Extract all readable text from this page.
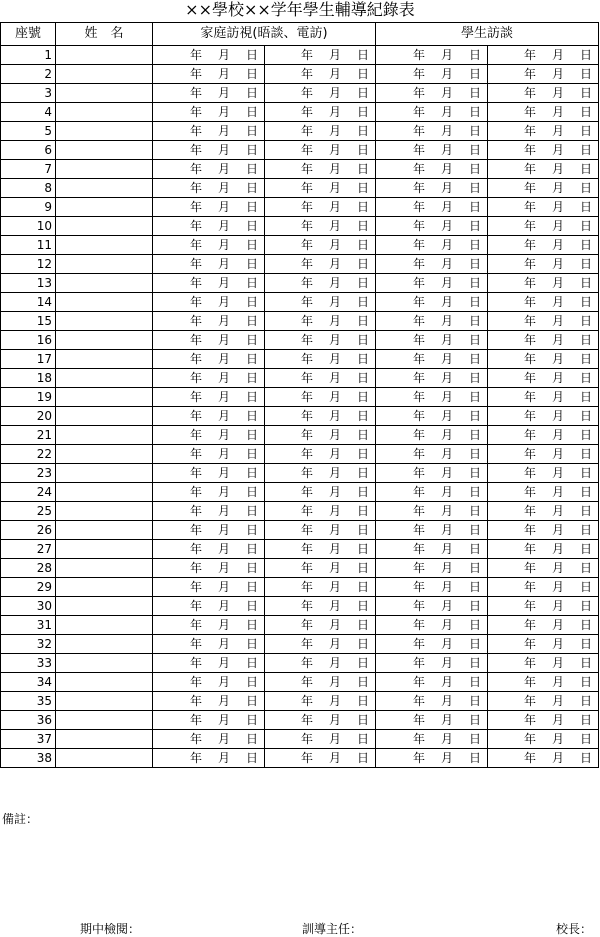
××學校××学年學生輔導紀錄表
座號	姓　名	家庭訪視(晤談、電訪)		學生訪談	
1		年 月 日	年 月 日	年 月 日	年 月 日
2		年 月 日	年 月 日	年 月 日	年 月 日
3		年 月 日	年 月 日	年 月 日	年 月 日
4		年 月 日	年 月 日	年 月 日	年 月 日
5		年 月 日	年 月 日	年 月 日	年 月 日
6		年 月 日	年 月 日	年 月 日	年 月 日
7		年 月 日	年 月 日	年 月 日	年 月 日
8		年 月 日	年 月 日	年 月 日	年 月 日
9		年 月 日	年 月 日	年 月 日	年 月 日
10		年 月 日	年 月 日	年 月 日	年 月 日
11		年 月 日	年 月 日	年 月 日	年 月 日
12		年 月 日	年 月 日	年 月 日	年 月 日
13		年 月 日	年 月 日	年 月 日	年 月 日
14		年 月 日	年 月 日	年 月 日	年 月 日
15		年 月 日	年 月 日	年 月 日	年 月 日
16		年 月 日	年 月 日	年 月 日	年 月 日
17		年 月 日	年 月 日	年 月 日	年 月 日
18		年 月 日	年 月 日	年 月 日	年 月 日
19		年 月 日	年 月 日	年 月 日	年 月 日
20		年 月 日	年 月 日	年 月 日	年 月 日
21		年 月 日	年 月 日	年 月 日	年 月 日
22		年 月 日	年 月 日	年 月 日	年 月 日
23		年 月 日	年 月 日	年 月 日	年 月 日
24		年 月 日	年 月 日	年 月 日	年 月 日
25		年 月 日	年 月 日	年 月 日	年 月 日
26		年 月 日	年 月 日	年 月 日	年 月 日
27		年 月 日	年 月 日	年 月 日	年 月 日
28		年 月 日	年 月 日	年 月 日	年 月 日
29		年 月 日	年 月 日	年 月 日	年 月 日
30		年 月 日	年 月 日	年 月 日	年 月 日
31		年 月 日	年 月 日	年 月 日	年 月 日
32		年 月 日	年 月 日	年 月 日	年 月 日
33		年 月 日	年 月 日	年 月 日	年 月 日
34		年 月 日	年 月 日	年 月 日	年 月 日
35		年 月 日	年 月 日	年 月 日	年 月 日
36		年 月 日	年 月 日	年 月 日	年 月 日
37		年 月 日	年 月 日	年 月 日	年 月 日
38		年 月 日	年 月 日	年 月 日	年 月 日
備註：
期中檢閱：	訓導主任：	校長：
